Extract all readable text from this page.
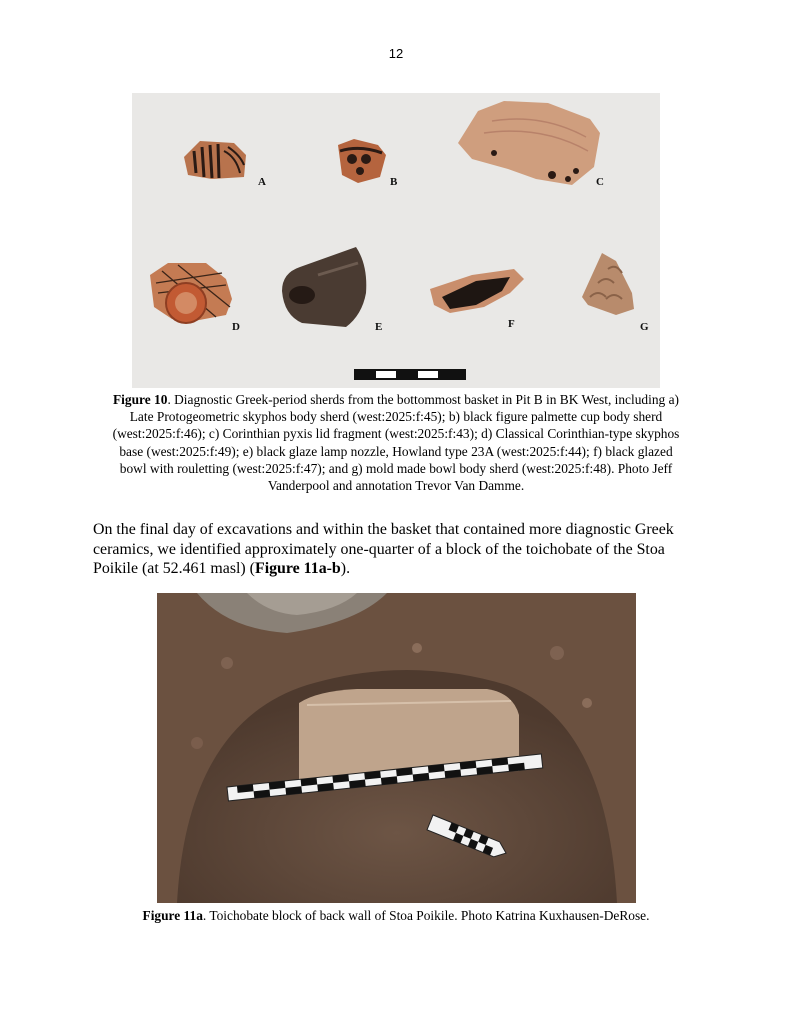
12
A	B	C
D	E	F	G
Figure 10. Diagnostic Greek-period sherds from the bottommost basket in Pit B in BK West, including a) Late Protogeometric skyphos body sherd (west:2025:f:45); b) black figure palmette cup body sherd (west:2025:f:46); c) Corinthian pyxis lid fragment (west:2025:f:43); d) Classical Corinthian-type skyphos base (west:2025:f:49); e) black glaze lamp nozzle, Howland type 23A (west:2025:f:44); f) black glazed bowl with rouletting (west:2025:f:47); and g) mold made bowl body sherd (west:2025:f:48). Photo Jeff Vanderpool and annotation Trevor Van Damme.
On the final day of excavations and within the basket that contained more diagnostic Greek ceramics, we identified approximately one-quarter of a block of the toichobate of the Stoa Poikile (at 52.461 masl) (Figure 11a-b).
Figure 11a. Toichobate block of back wall of Stoa Poikile. Photo Katrina Kuxhausen-DeRose.
